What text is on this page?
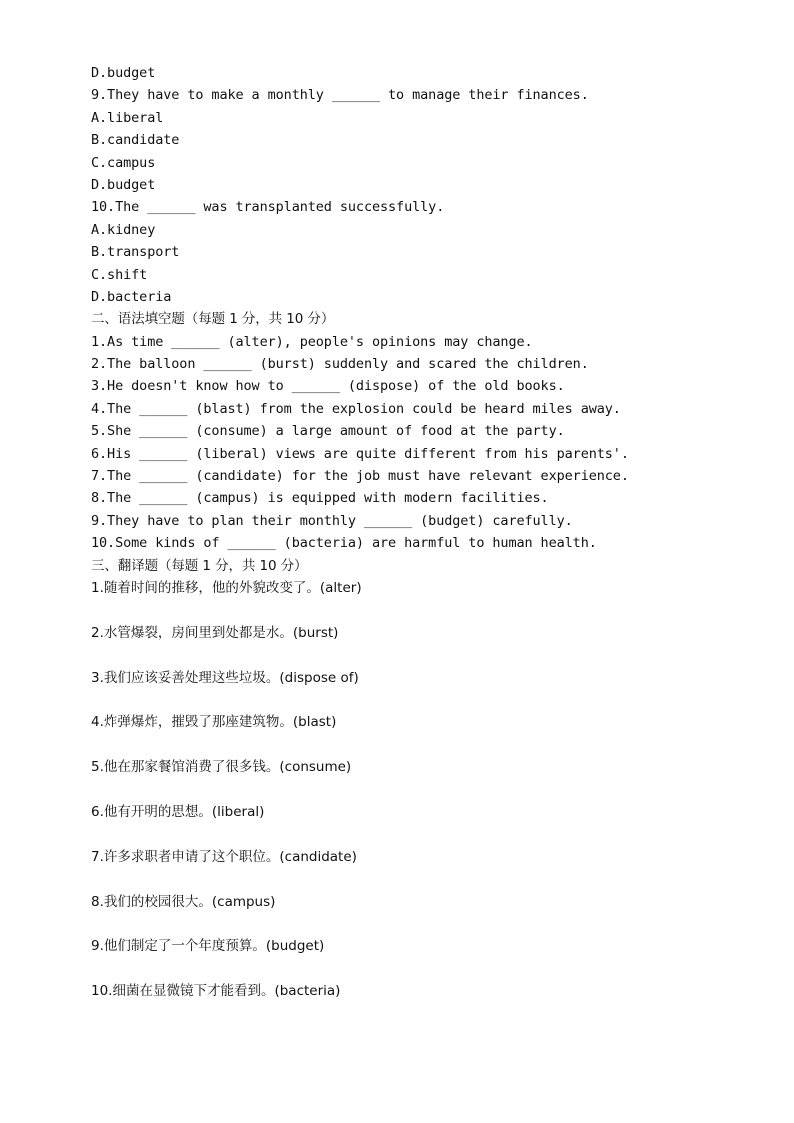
D.budget
9.They have to make a monthly ______ to manage their finances.
A.liberal
B.candidate
C.campus
D.budget
10.The ______ was transplanted successfully.
A.kidney
B.transport
C.shift
D.bacteria
二、语法填空题（每题 1 分，共 10 分）
1.As time ______ (alter), people's opinions may change.
2.The balloon ______ (burst) suddenly and scared the children.
3.He doesn't know how to ______ (dispose) of the old books.
4.The ______ (blast) from the explosion could be heard miles away.
5.She ______ (consume) a large amount of food at the party.
6.His ______ (liberal) views are quite different from his parents'.
7.The ______ (candidate) for the job must have relevant experience.
8.The ______ (campus) is equipped with modern facilities.
9.They have to plan their monthly ______ (budget) carefully.
10.Some kinds of ______ (bacteria) are harmful to human health.
三、翻译题（每题 1 分，共 10 分）
1.随着时间的推移，他的外貌改变了。(alter)
2.水管爆裂，房间里到处都是水。(burst)
3.我们应该妥善处理这些垃圾。(dispose of)
4.炸弹爆炸，摧毁了那座建筑物。(blast)
5.他在那家餐馆消费了很多钱。(consume)
6.他有开明的思想。(liberal)
7.许多求职者申请了这个职位。(candidate)
8.我们的校园很大。(campus)
9.他们制定了一个年度预算。(budget)
10.细菌在显微镜下才能看到。(bacteria)
